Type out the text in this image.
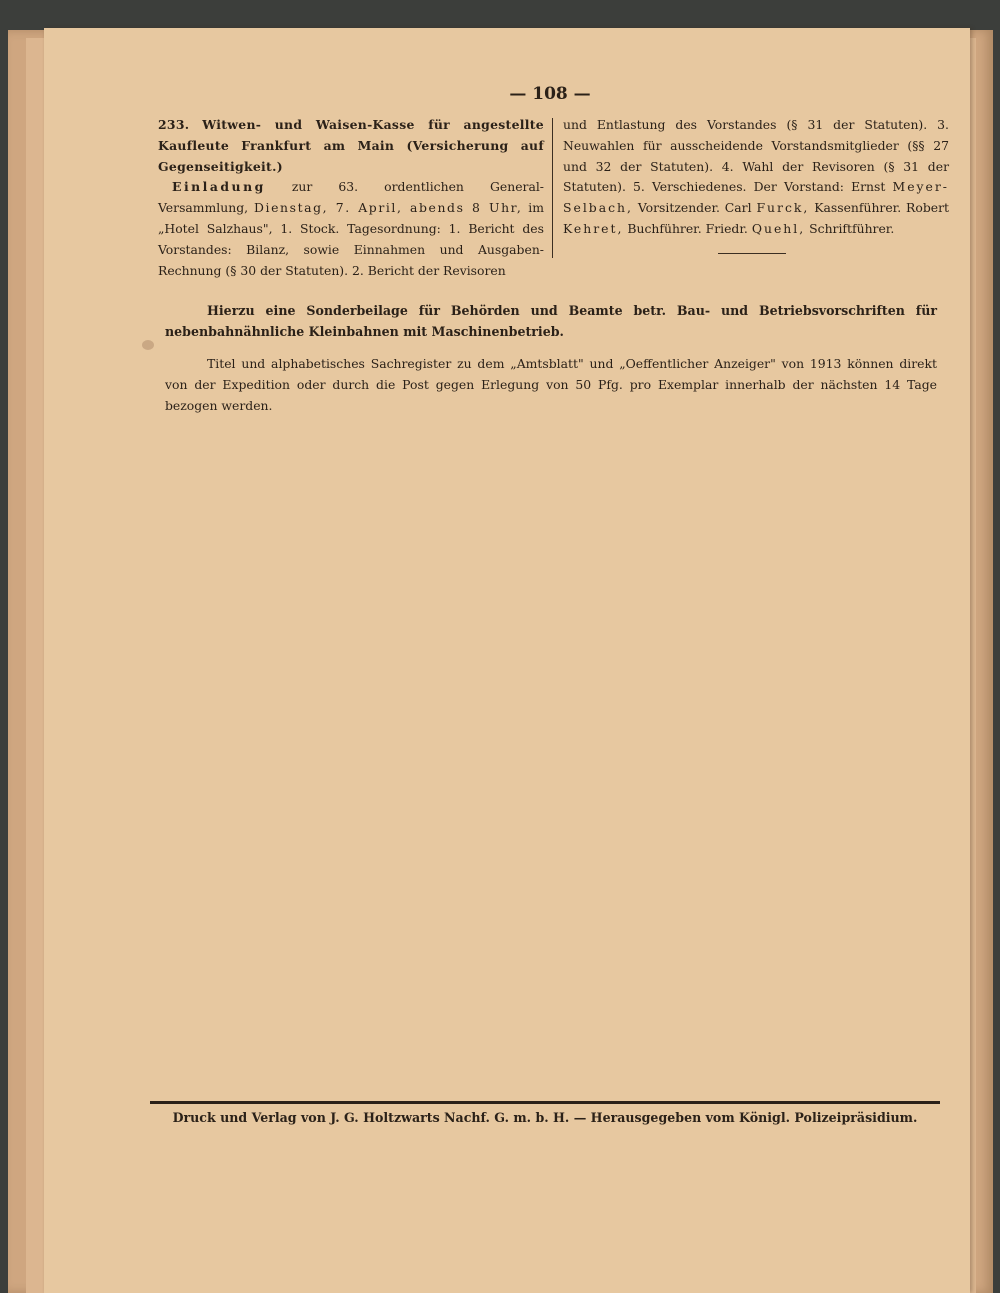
— 108 —
233. Witwen- und Waisen-Kasse für angestellte Kaufleute Frankfurt am Main (Versicherung auf Gegenseitigkeit.)
Einladung zur 63. ordentlichen General-Versammlung, Dienstag, 7. April, abends 8 Uhr, im „Hotel Salzhaus", 1. Stock. Tagesordnung: 1. Bericht des Vorstandes: Bilanz, sowie Einnahmen und Ausgaben-Rechnung (§ 30 der Statuten). 2. Bericht der Revisoren
und Entlastung des Vorstandes (§ 31 der Statuten). 3. Neuwahlen für ausscheidende Vorstandsmitglieder (§§ 27 und 32 der Statuten). 4. Wahl der Revisoren (§ 31 der Statuten). 5. Verschiedenes. Der Vorstand: Ernst Meyer-Selbach, Vorsitzender. Carl Furck, Kassenführer. Robert Kehret, Buchführer. Friedr. Quehl, Schriftführer.

Hierzu eine Sonderbeilage für Behörden und Beamte betr. Bau- und Betriebsvorschriften für nebenbahnähnliche Kleinbahnen mit Maschinenbetrieb.

Titel und alphabetisches Sachregister zu dem „Amtsblatt" und „Oeffentlicher Anzeiger" von 1913 können direkt von der Expedition oder durch die Post gegen Erlegung von 50 Pfg. pro Exemplar innerhalb der nächsten 14 Tage bezogen werden.

Druck und Verlag von J. G. Holtzwarts Nachf. G. m. b. H. — Herausgegeben vom Königl. Polizeipräsidium.
